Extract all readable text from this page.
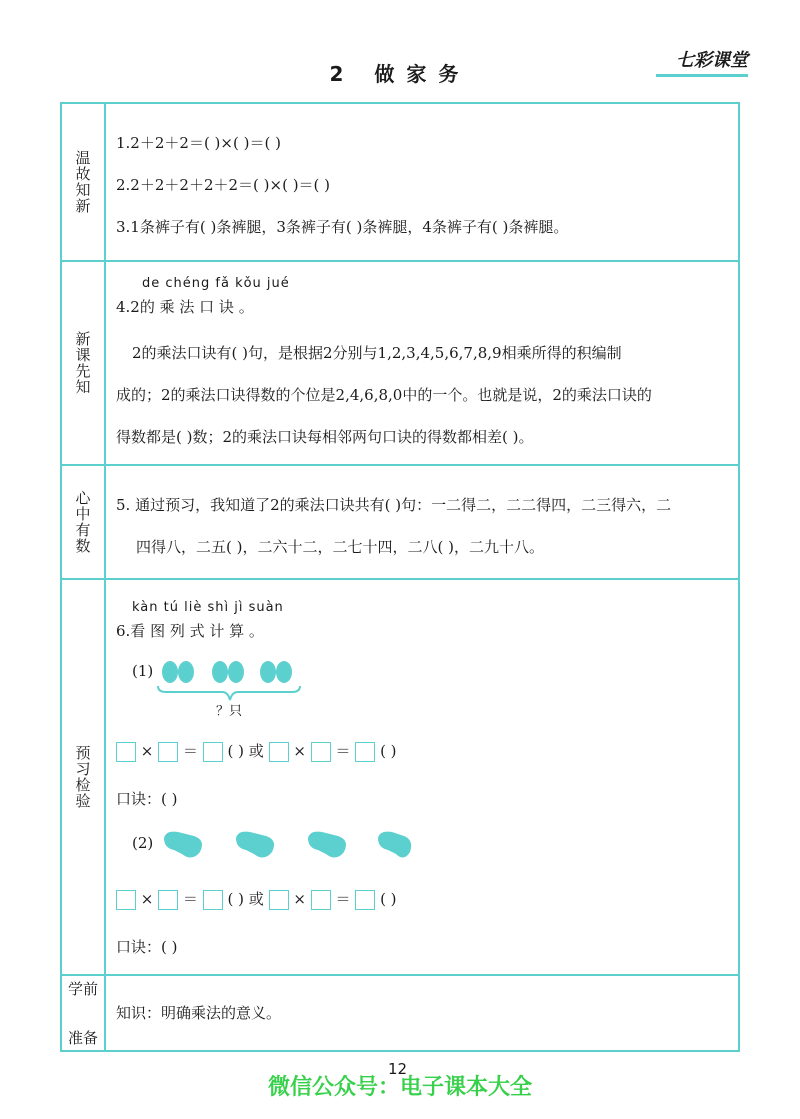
2 做家务
七彩课堂
温故知新
1.2＋2＋2＝( )×( )＝( )
2.2＋2＋2＋2＋2＝( )×( )＝( )
3.1条裤子有( )条裤腿，3条裤子有( )条裤腿，4条裤子有( )条裤腿。
新课先知
de chéng fǎ kǒu jué
4.2的 乘 法 口 诀 。
2的乘法口诀有( )句，是根据2分别与1,2,3,4,5,6,7,8,9相乘所得的积编制
成的；2的乘法口诀得数的个位是2,4,6,8,0中的一个。也就是说，2的乘法口诀的
得数都是( )数；2的乘法口诀每相邻两句口诀的得数都相差( )。
心中有数 5. 通过预习，我知道了2的乘法口诀共有( )句：一二得二，二二得四，二三得六，二
四得八，二五( )，二六十二，二七十四，二八( )，二九十八。
预习检验
kàn tú liè shì jì suàn
6.看 图 列 式 计 算 。
(1)
？只
× ＝ ( ) 或 × ＝ ( )
口诀：( )
(2)
× ＝ ( ) 或 × ＝ ( )
口诀：( )
学前
准备
知识：明确乘法的意义。
12
微信公众号：电子课本大全
